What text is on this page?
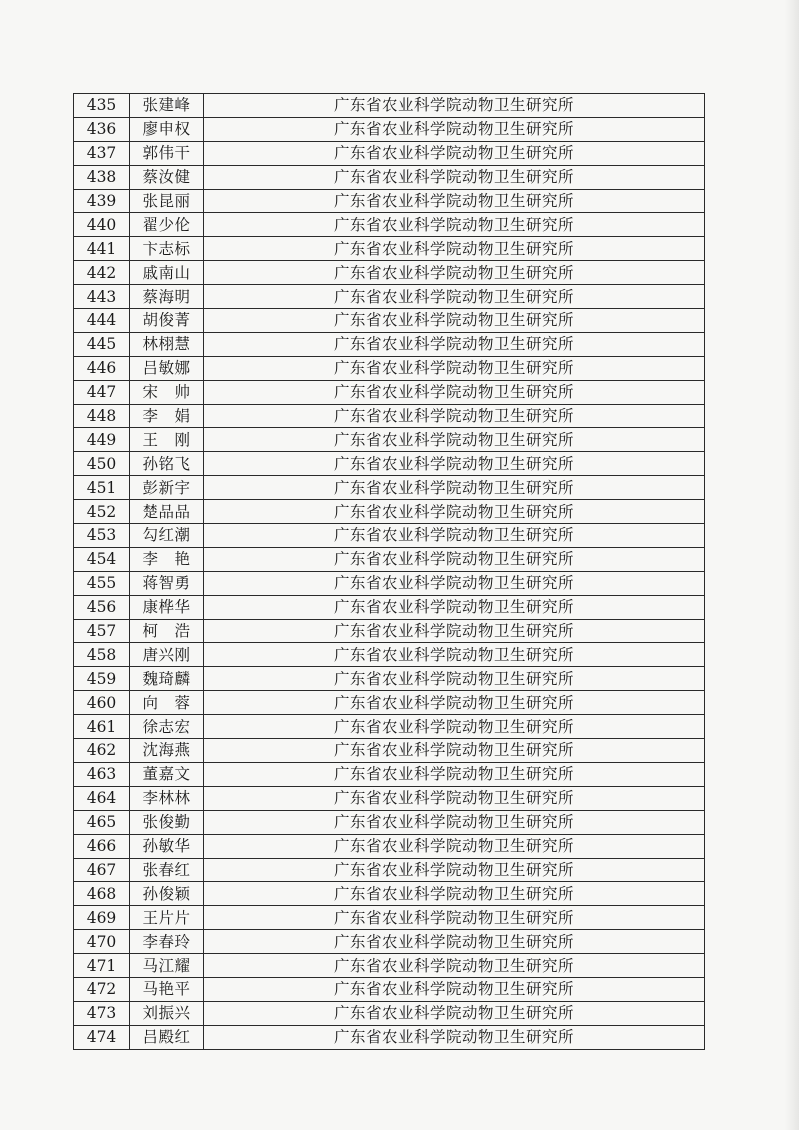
435	张建峰	广东省农业科学院动物卫生研究所
436	廖申权	广东省农业科学院动物卫生研究所
437	郭伟干	广东省农业科学院动物卫生研究所
438	蔡汝健	广东省农业科学院动物卫生研究所
439	张昆丽	广东省农业科学院动物卫生研究所
440	翟少伦	广东省农业科学院动物卫生研究所
441	卞志标	广东省农业科学院动物卫生研究所
442	戚南山	广东省农业科学院动物卫生研究所
443	蔡海明	广东省农业科学院动物卫生研究所
444	胡俊菁	广东省农业科学院动物卫生研究所
445	林栩慧	广东省农业科学院动物卫生研究所
446	吕敏娜	广东省农业科学院动物卫生研究所
447	宋　帅	广东省农业科学院动物卫生研究所
448	李　娟	广东省农业科学院动物卫生研究所
449	王　刚	广东省农业科学院动物卫生研究所
450	孙铭飞	广东省农业科学院动物卫生研究所
451	彭新宇	广东省农业科学院动物卫生研究所
452	楚品品	广东省农业科学院动物卫生研究所
453	勾红潮	广东省农业科学院动物卫生研究所
454	李　艳	广东省农业科学院动物卫生研究所
455	蒋智勇	广东省农业科学院动物卫生研究所
456	康桦华	广东省农业科学院动物卫生研究所
457	柯　浩	广东省农业科学院动物卫生研究所
458	唐兴刚	广东省农业科学院动物卫生研究所
459	魏琦麟	广东省农业科学院动物卫生研究所
460	向　蓉	广东省农业科学院动物卫生研究所
461	徐志宏	广东省农业科学院动物卫生研究所
462	沈海燕	广东省农业科学院动物卫生研究所
463	董嘉文	广东省农业科学院动物卫生研究所
464	李林林	广东省农业科学院动物卫生研究所
465	张俊勤	广东省农业科学院动物卫生研究所
466	孙敏华	广东省农业科学院动物卫生研究所
467	张春红	广东省农业科学院动物卫生研究所
468	孙俊颖	广东省农业科学院动物卫生研究所
469	王片片	广东省农业科学院动物卫生研究所
470	李春玲	广东省农业科学院动物卫生研究所
471	马江耀	广东省农业科学院动物卫生研究所
472	马艳平	广东省农业科学院动物卫生研究所
473	刘振兴	广东省农业科学院动物卫生研究所
474	吕殿红	广东省农业科学院动物卫生研究所
